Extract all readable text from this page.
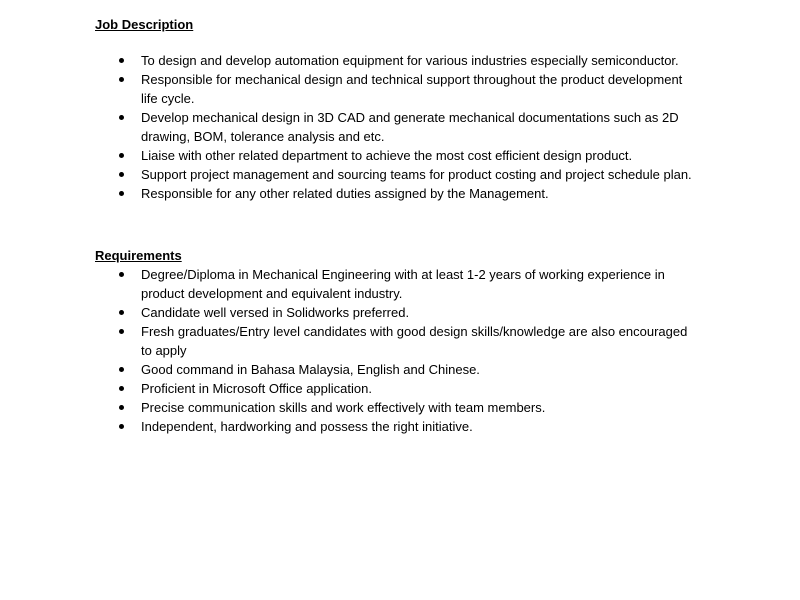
Job Description

To design and develop automation equipment for various industries especially semiconductor.
Responsible for mechanical design and technical support throughout the product development
life cycle.
Develop mechanical design in 3D CAD and generate mechanical documentations such as 2D
drawing, BOM, tolerance analysis and etc.
Liaise with other related department to achieve the most cost efficient design product.
Support project management and sourcing teams for product costing and project schedule plan.
Responsible for any other related duties assigned by the Management.

Requirements

Degree/Diploma in Mechanical Engineering with at least 1-2 years of working experience in
product development and equivalent industry.
Candidate well versed in Solidworks preferred.
Fresh graduates/Entry level candidates with good design skills/knowledge are also encouraged
to apply
Good command in Bahasa Malaysia, English and Chinese.
Proficient in Microsoft Office application.
Precise communication skills and work effectively with team members.
Independent, hardworking and possess the right initiative.
